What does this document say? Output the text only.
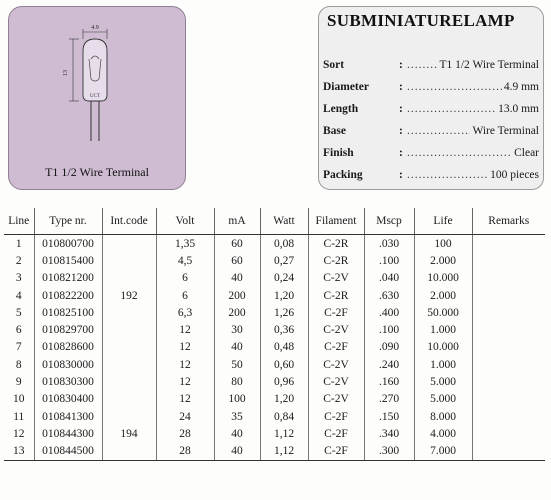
4.9
13
UCT
T1 1/2 Wire Terminal
SUBMINIATURELAMP
Sort	: .....	T1 1/2 Wire Terminal
Diameter	: .....	4.9 mm
Length	: .....	13.0 mm
Base	: .....	Wire Terminal
Finish	: .....	Clear
Packing	: .....	100 pieces
Line	Type nr.	Int.code	Volt	mA	Watt	Filament	Mscp	Life	Remarks
1	010800700		1,35	60	0,08	C-2R	.030	100	
2	010815400		4,5	60	0,27	C-2R	.100	2.000	
3	010821200		6	40	0,24	C-2V	.040	10.000	
4	010822200	192	6	200	1,20	C-2R	.630	2.000	
5	010825100		6,3	200	1,26	C-2F	.400	50.000	
6	010829700		12	30	0,36	C-2V	.100	1.000	
7	010828600		12	40	0,48	C-2F	.090	10.000	
8	010830000		12	50	0,60	C-2V	.240	1.000	
9	010830300		12	80	0,96	C-2V	.160	5.000	
10	010830400		12	100	1,20	C-2V	.270	5.000	
11	010841300		24	35	0,84	C-2F	.150	8.000	
12	010844300	194	28	40	1,12	C-2F	.340	4.000	
13	010844500		28	40	1,12	C-2F	.300	7.000	
